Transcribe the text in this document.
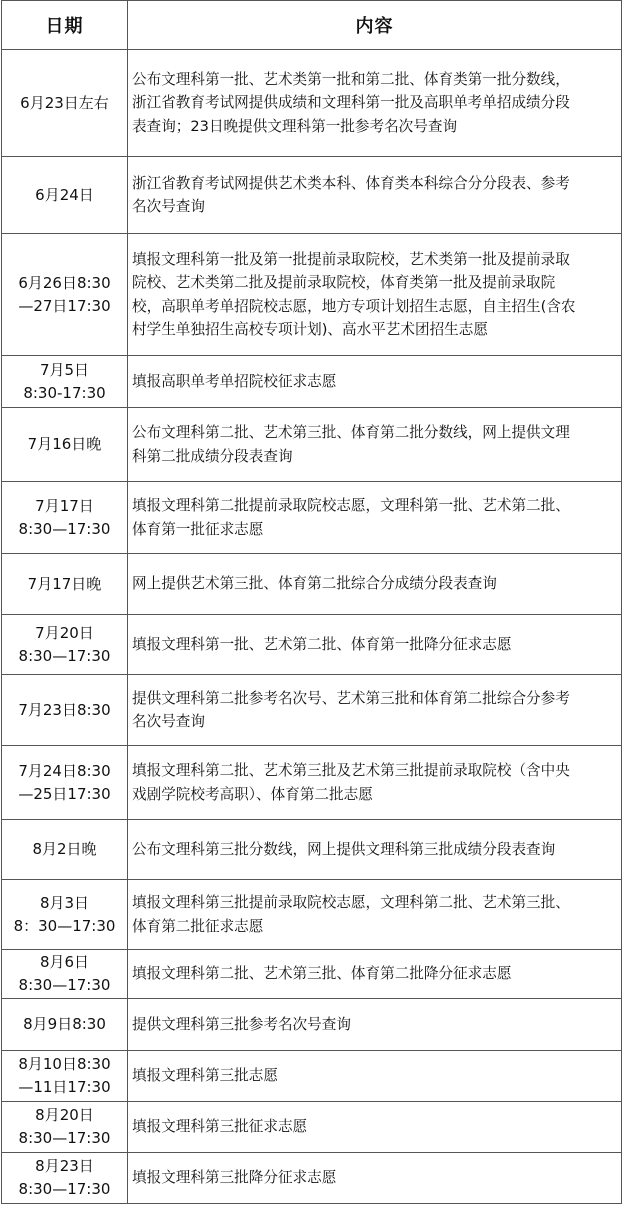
日期	内容
6月23日左右	公布文理科第一批、艺术类第一批和第二批、体育类第一批分数线，
浙江省教育考试网提供成绩和文理科第一批及高职单考单招成绩分段
表查询；23日晚提供文理科第一批参考名次号查询
6月24日	浙江省教育考试网提供艺术类本科、体育类本科综合分分段表、参考
名次号查询
6月26日8:30
—27日17:30	填报文理科第一批及第一批提前录取院校，艺术类第一批及提前录取
院校、艺术类第二批及提前录取院校，体育类第一批及提前录取院
校，高职单考单招院校志愿，地方专项计划招生志愿，自主招生(含农
村学生单独招生高校专项计划)、高水平艺术团招生志愿
7月5日
8:30-17:30	填报高职单考单招院校征求志愿
7月16日晚	公布文理科第二批、艺术第三批、体育第二批分数线，网上提供文理
科第二批成绩分段表查询
7月17日
8:30—17:30	填报文理科第二批提前录取院校志愿，文理科第一批、艺术第二批、
体育第一批征求志愿
7月17日晚	网上提供艺术第三批、体育第二批综合分成绩分段表查询
7月20日
8:30—17:30	填报文理科第一批、艺术第二批、体育第一批降分征求志愿
7月23日8:30	提供文理科第二批参考名次号、艺术第三批和体育第二批综合分参考
名次号查询
7月24日8:30
—25日17:30	填报文理科第二批、艺术第三批及艺术第三批提前录取院校（含中央
戏剧学院校考高职）、体育第二批志愿
8月2日晚	公布文理科第三批分数线，网上提供文理科第三批成绩分段表查询
8月3日
8：30—17:30	填报文理科第三批提前录取院校志愿，文理科第二批、艺术第三批、
体育第二批征求志愿
8月6日
8:30—17:30	填报文理科第二批、艺术第三批、体育第二批降分征求志愿
8月9日8:30	提供文理科第三批参考名次号查询
8月10日8:30
—11日17:30	填报文理科第三批志愿
8月20日
8:30—17:30	填报文理科第三批征求志愿
8月23日
8:30—17:30	填报文理科第三批降分征求志愿
